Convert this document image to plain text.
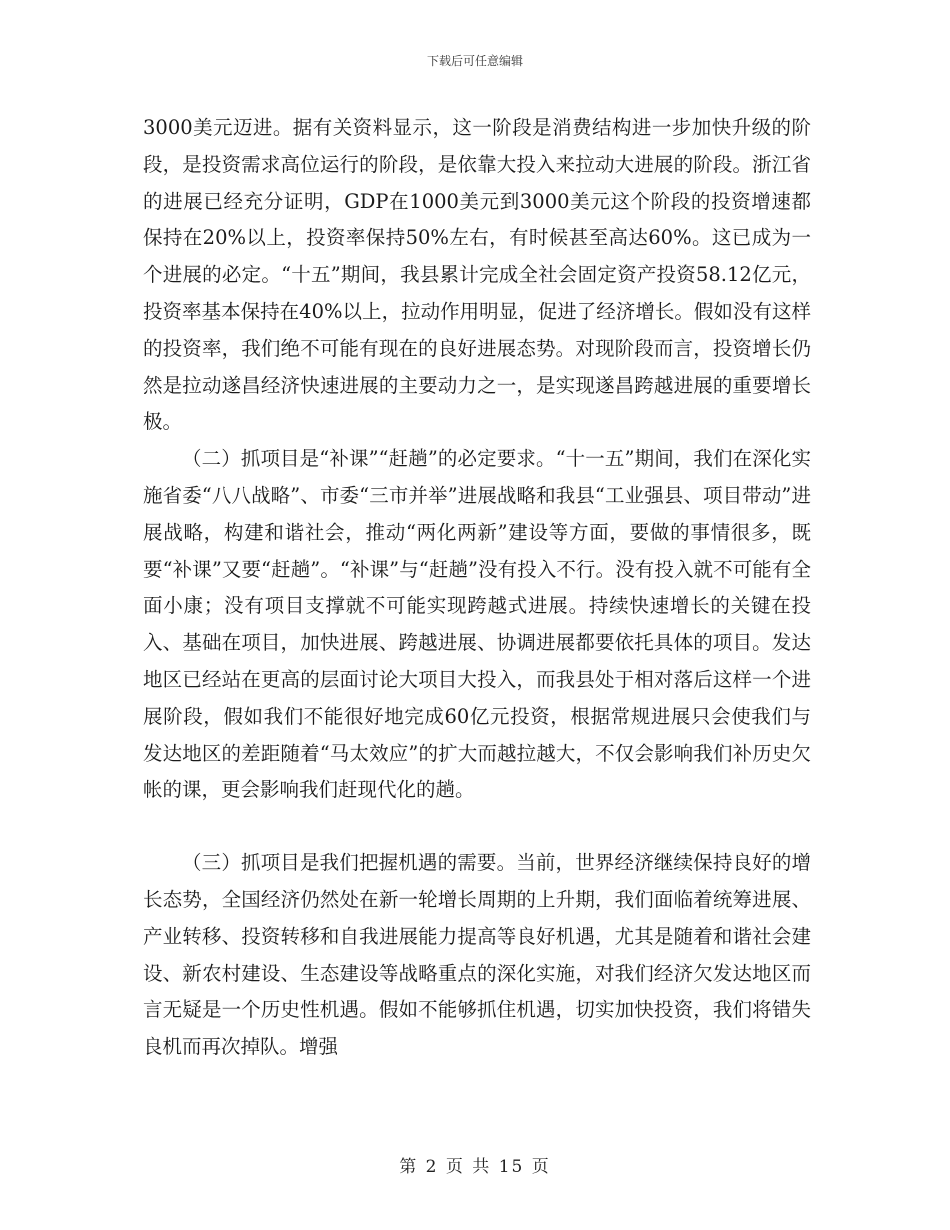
下载后可任意编辑

3000美元迈进。据有关资料显示，这一阶段是消费结构进一步加快升级的阶段，是投资需求高位运行的阶段，是依靠大投入来拉动大进展的阶段。浙江省的进展已经充分证明，GDP在1000美元到3000美元这个阶段的投资增速都保持在20%以上，投资率保持50%左右，有时候甚至高达60%。这已成为一个进展的必定。“十五”期间，我县累计完成全社会固定资产投资58.12亿元，投资率基本保持在40%以上，拉动作用明显，促进了经济增长。假如没有这样的投资率，我们绝不可能有现在的良好进展态势。对现阶段而言，投资增长仍然是拉动遂昌经济快速进展的主要动力之一，是实现遂昌跨越进展的重要增长极。

（二）抓项目是“补课”“赶趟”的必定要求。“十一五”期间，我们在深化实施省委“八八战略”、市委“三市并举”进展战略和我县“工业强县、项目带动”进展战略，构建和谐社会，推动“两化两新”建设等方面，要做的事情很多，既要“补课”又要“赶趟”。“补课”与“赶趟”没有投入不行。没有投入就不可能有全面小康；没有项目支撑就不可能实现跨越式进展。持续快速增长的关键在投入、基础在项目，加快进展、跨越进展、协调进展都要依托具体的项目。发达地区已经站在更高的层面讨论大项目大投入，而我县处于相对落后这样一个进展阶段，假如我们不能很好地完成60亿元投资，根据常规进展只会使我们与发达地区的差距随着“马太效应”的扩大而越拉越大，不仅会影响我们补历史欠帐的课，更会影响我们赶现代化的趟。

（三）抓项目是我们把握机遇的需要。当前，世界经济继续保持良好的增长态势，全国经济仍然处在新一轮增长周期的上升期，我们面临着统筹进展、产业转移、投资转移和自我进展能力提高等良好机遇，尤其是随着和谐社会建设、新农村建设、生态建设等战略重点的深化实施，对我们经济欠发达地区而言无疑是一个历史性机遇。假如不能够抓住机遇，切实加快投资，我们将错失良机而再次掉队。增强

第 2 页 共 15 页
